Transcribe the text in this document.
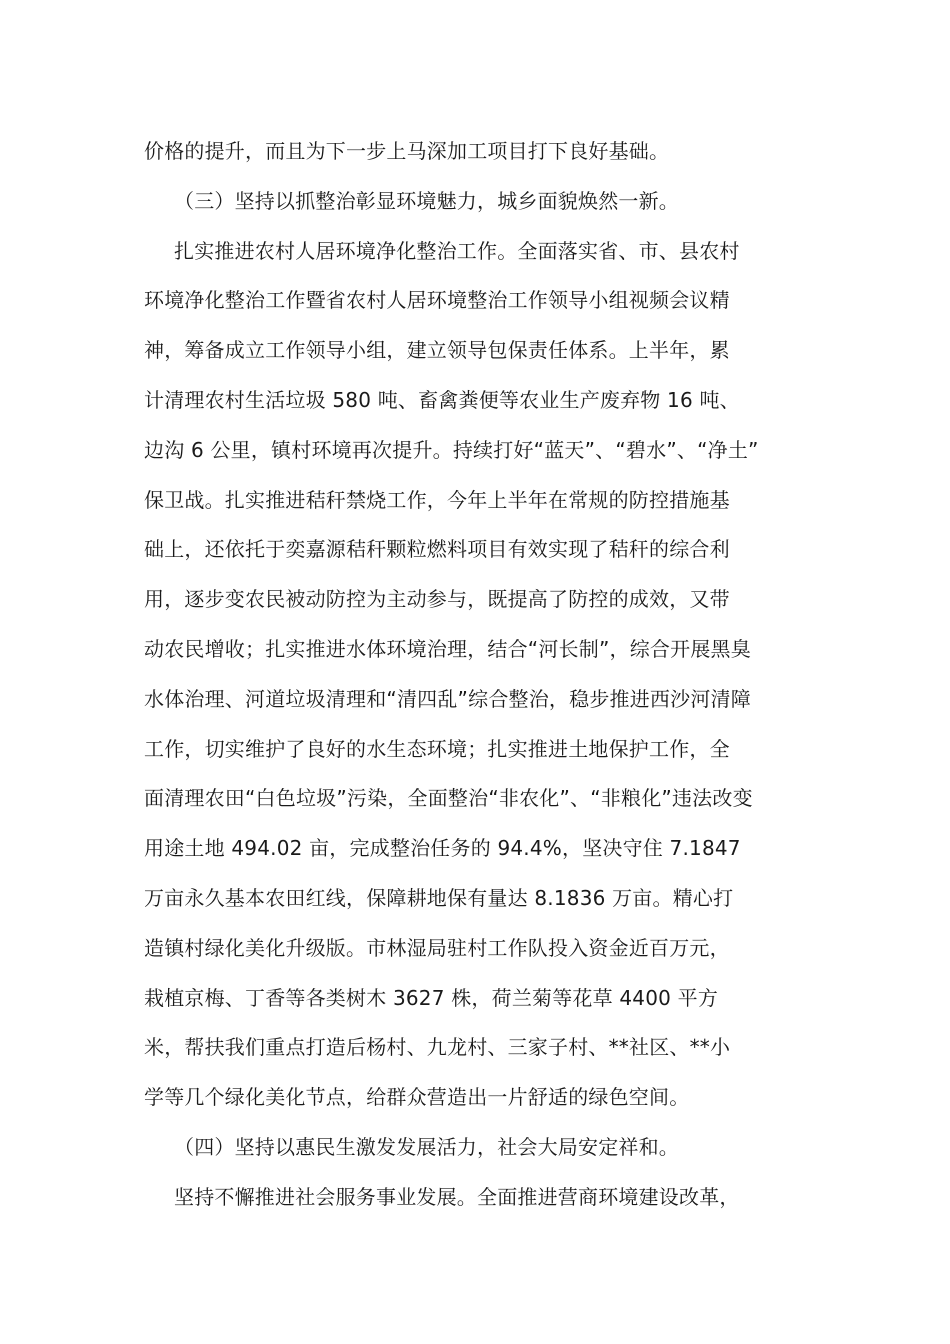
价格的提升，而且为下一步上马深加工项目打下良好基础。
（三）坚持以抓整治彰显环境魅力，城乡面貌焕然一新。
扎实推进农村人居环境净化整治工作。全面落实省、市、县农村
环境净化整治工作暨省农村人居环境整治工作领导小组视频会议精
神，筹备成立工作领导小组，建立领导包保责任体系。上半年，累
计清理农村生活垃圾 580 吨、畜禽粪便等农业生产废弃物 16 吨、
边沟 6 公里，镇村环境再次提升。持续打好“蓝天”、“碧水”、“净土”
保卫战。扎实推进秸秆禁烧工作，今年上半年在常规的防控措施基
础上，还依托于奕嘉源秸秆颗粒燃料项目有效实现了秸秆的综合利
用，逐步变农民被动防控为主动参与，既提高了防控的成效，又带
动农民增收；扎实推进水体环境治理，结合“河长制”，综合开展黑臭
水体治理、河道垃圾清理和“清四乱”综合整治，稳步推进西沙河清障
工作，切实维护了良好的水生态环境；扎实推进土地保护工作，全
面清理农田“白色垃圾”污染，全面整治“非农化”、“非粮化”违法改变
用途土地 494.02 亩，完成整治任务的 94.4%，坚决守住 7.1847
万亩永久基本农田红线，保障耕地保有量达 8.1836 万亩。精心打
造镇村绿化美化升级版。市林湿局驻村工作队投入资金近百万元，
栽植京梅、丁香等各类树木 3627 株，荷兰菊等花草 4400 平方
米，帮扶我们重点打造后杨村、九龙村、三家子村、**社区、**小
学等几个绿化美化节点，给群众营造出一片舒适的绿色空间。
（四）坚持以惠民生激发发展活力，社会大局安定祥和。
坚持不懈推进社会服务事业发展。全面推进营商环境建设改革，
